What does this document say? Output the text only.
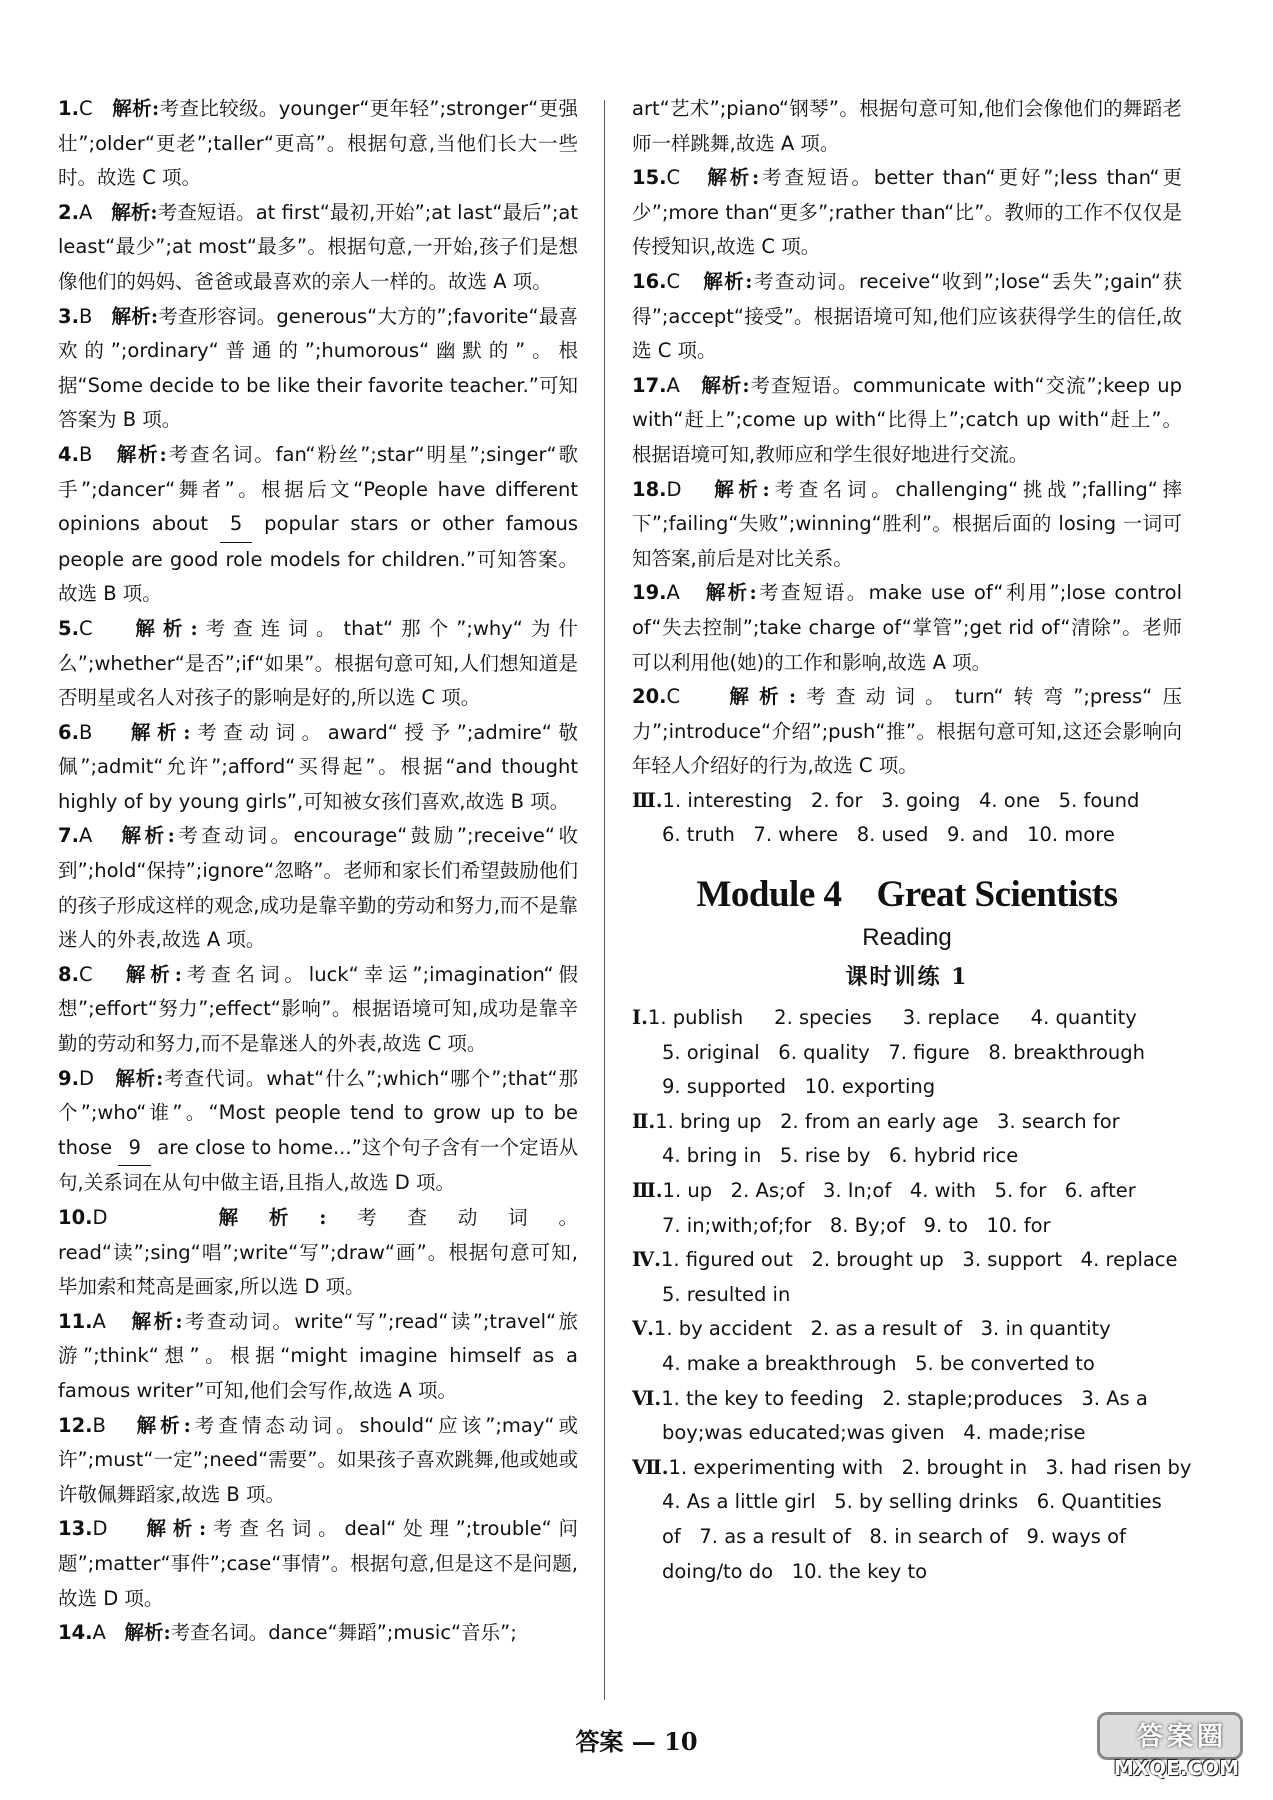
1.C 解析:考查比较级。younger“更年轻”;stronger“更强壮”;older“更老”;taller“更高”。根据句意,当他们长大一些时。故选 C 项。
2.A 解析:考查短语。at first“最初,开始”;at last“最后”;at least“最少”;at most“最多”。根据句意,一开始,孩子们是想像他们的妈妈、爸爸或最喜欢的亲人一样的。故选 A 项。
3.B 解析:考查形容词。generous“大方的”;favorite“最喜欢的”;ordinary“普通的”;humorous“幽默的”。根据“Some decide to be like their favorite teacher.”可知答案为 B 项。
4.B 解析:考查名词。fan“粉丝”;star“明星”;singer“歌手”;dancer“舞者”。根据后文“People have different opinions about 5 popular stars or other famous people are good role models for children.”可知答案。故选 B 项。
5.C 解析:考查连词。that“那个”;why“为什么”;whether“是否”;if“如果”。根据句意可知,人们想知道是否明星或名人对孩子的影响是好的,所以选 C 项。
6.B 解析:考查动词。award“授予”;admire“敬佩”;admit“允许”;afford“买得起”。根据“and thought highly of by young girls”,可知被女孩们喜欢,故选 B 项。
7.A 解析:考查动词。encourage“鼓励”;receive“收到”;hold“保持”;ignore“忽略”。老师和家长们希望鼓励他们的孩子形成这样的观念,成功是靠辛勤的劳动和努力,而不是靠迷人的外表,故选 A 项。
8.C 解析:考查名词。luck“幸运”;imagination“假想”;effort“努力”;effect“影响”。根据语境可知,成功是靠辛勤的劳动和努力,而不是靠迷人的外表,故选 C 项。
9.D 解析:考查代词。what“什么”;which“哪个”;that“那个”;who“谁”。“Most people tend to grow up to be those 9 are close to home...”这个句子含有一个定语从句,关系词在从句中做主语,且指人,故选 D 项。
10.D	解析:考查动词。read“读”;sing“唱”;write“写”;draw“画”。根据句意可知,毕加索和梵高是画家,所以选 D 项。
11.A 解析:考查动词。write“写”;read“读”;travel“旅游”;think“想”。根据“might imagine himself as a famous writer”可知,他们会写作,故选 A 项。
12.B 解析:考查情态动词。should“应该”;may“或许”;must“一定”;need“需要”。如果孩子喜欢跳舞,他或她或许敬佩舞蹈家,故选 B 项。
13.D 解析:考查名词。deal“处理”;trouble“问题”;matter“事件”;case“事情”。根据句意,但是这不是问题,故选 D 项。
14.A 解析:考查名词。dance“舞蹈”;music“音乐”;
art“艺术”;piano“钢琴”。根据句意可知,他们会像他们的舞蹈老师一样跳舞,故选 A 项。
15.C 解析:考查短语。better than“更好”;less than“更少”;more than“更多”;rather than“比”。教师的工作不仅仅是传授知识,故选 C 项。
16.C 解析:考查动词。receive“收到”;lose“丢失”;gain“获得”;accept“接受”。根据语境可知,他们应该获得学生的信任,故选 C 项。
17.A 解析:考查短语。communicate with“交流”;keep up with“赶上”;come up with“比得上”;catch up with“赶上”。根据语境可知,教师应和学生很好地进行交流。
18.D 解析:考查名词。challenging“挑战”;falling“摔下”;failing“失败”;winning“胜利”。根据后面的 losing 一词可知答案,前后是对比关系。
19.A 解析:考查短语。make use of“利用”;lose control of“失去控制”;take charge of“掌管”;get rid of“清除”。老师可以利用他(她)的工作和影响,故选 A 项。
20.C	解析:考查动词。turn“转弯”;press“压力”;introduce“介绍”;push“推”。根据句意可知,这还会影响向年轻人介绍好的行为,故选 C 项。
Ⅲ.1. interesting   2. for   3. going   4. one   5. found
6. truth   7. where   8. used   9. and   10. more
Module 4    Great Scientists
Reading
课时训练 1
Ⅰ.1. publish     2. species     3. replace     4. quantity
5. original   6. quality   7. figure   8. breakthrough
9. supported   10. exporting
Ⅱ.1. bring up   2. from an early age   3. search for
4. bring in   5. rise by   6. hybrid rice
Ⅲ.1. up   2. As;of   3. In;of   4. with   5. for   6. after
7. in;with;of;for   8. By;of   9. to   10. for
Ⅳ.1. figured out   2. brought up   3. support   4. replace
5. resulted in
Ⅴ.1. by accident   2. as a result of   3. in quantity
4. make a breakthrough   5. be converted to
Ⅵ.1. the key to feeding   2. staple;produces   3. As a
boy;was educated;was given   4. made;rise
Ⅶ.1. experimenting with   2. brought in   3. had risen by
4. As a little girl   5. by selling drinks   6. Quantities
of   7. as a result of   8. in search of   9. ways of
doing/to do   10. the key to
答案 — 10	答案圈
MXQE.COM
